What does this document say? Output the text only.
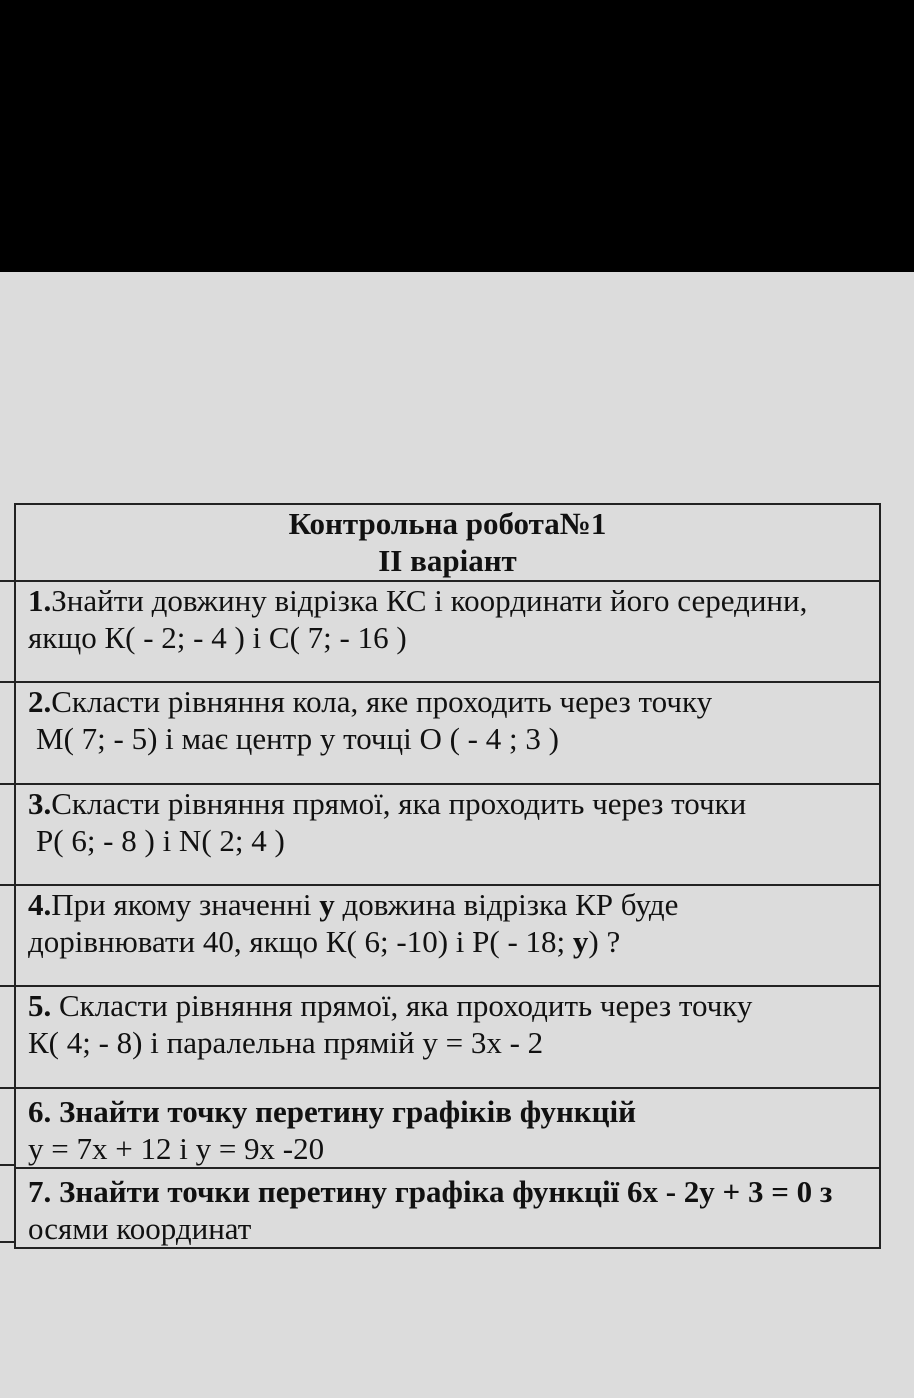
Контрольна робота№1
ІІ варіант

1.Знайти довжину відрізка КС і координати його середини,
якщо К( - 2; - 4 ) і С( 7; - 16 )

2.Скласти рівняння кола, яке проходить через точку
М( 7; - 5) і має центр у точці О ( - 4 ; 3 )

3.Скласти рівняння прямої, яка проходить через точки
Р( 6; - 8 ) і N( 2; 4 )

4.При якому значенні у довжина відрізка КР буде
дорівнювати 40, якщо К( 6; -10) і Р( - 18; у) ?

5. Скласти рівняння прямої, яка проходить через точку
К( 4; - 8) і паралельна прямій у = 3х - 2

6. Знайти точку перетину графіків функцій
у = 7х + 12 і у = 9х -20

7. Знайти точки перетину графіка функції 6х - 2у + 3 = 0 з
осями координат
